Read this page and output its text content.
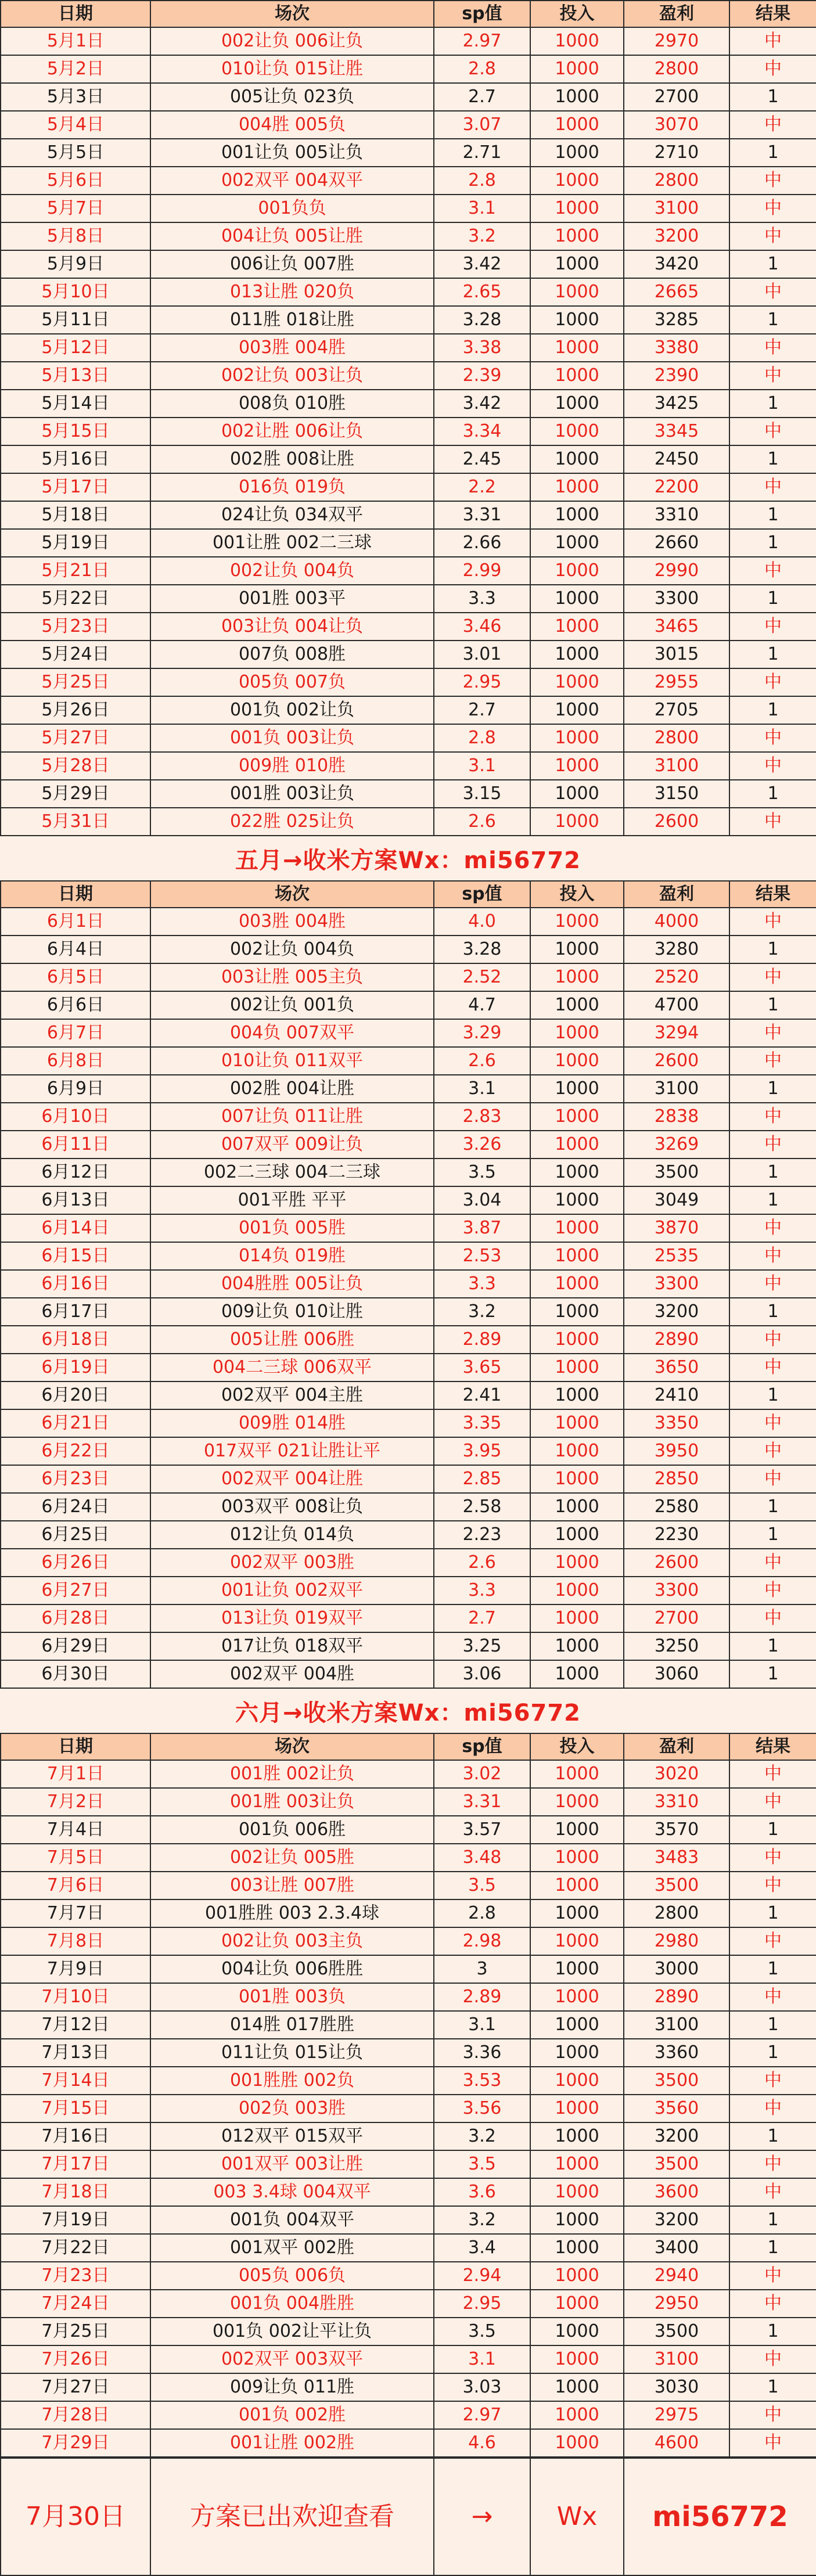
日期	场次	sp值	投入	盈利	结果
5月1日	002让负 006让负	2.97	1000	2970	中
5月2日	010让负 015让胜	2.8	1000	2800	中
5月3日	005让负 023负	2.7	1000	2700	1
5月4日	004胜 005负	3.07	1000	3070	中
5月5日	001让负 005让负	2.71	1000	2710	1
5月6日	002双平 004双平	2.8	1000	2800	中
5月7日	001负负	3.1	1000	3100	中
5月8日	004让负 005让胜	3.2	1000	3200	中
5月9日	006让负 007胜	3.42	1000	3420	1
5月10日	013让胜 020负	2.65	1000	2665	中
5月11日	011胜 018让胜	3.28	1000	3285	1
5月12日	003胜 004胜	3.38	1000	3380	中
5月13日	002让负 003让负	2.39	1000	2390	中
5月14日	008负 010胜	3.42	1000	3425	1
5月15日	002让胜 006让负	3.34	1000	3345	中
5月16日	002胜 008让胜	2.45	1000	2450	1
5月17日	016负 019负	2.2	1000	2200	中
5月18日	024让负 034双平	3.31	1000	3310	1
5月19日	001让胜 002二三球	2.66	1000	2660	1
5月21日	002让负 004负	2.99	1000	2990	中
5月22日	001胜 003平	3.3	1000	3300	1
5月23日	003让负 004让负	3.46	1000	3465	中
5月24日	007负 008胜	3.01	1000	3015	1
5月25日	005负 007负	2.95	1000	2955	中
5月26日	001负 002让负	2.7	1000	2705	1
5月27日	001负 003让负	2.8	1000	2800	中
5月28日	009胜 010胜	3.1	1000	3100	中
5月29日	001胜 003让负	3.15	1000	3150	1
5月31日	022胜 025让负	2.6	1000	2600	中
五月→收米方案Wx：mi56772
日期	场次	sp值	投入	盈利	结果
6月1日	003胜 004胜	4.0	1000	4000	中
6月4日	002让负 004负	3.28	1000	3280	1
6月5日	003让胜 005主负	2.52	1000	2520	中
6月6日	002让负 001负	4.7	1000	4700	1
6月7日	004负 007双平	3.29	1000	3294	中
6月8日	010让负 011双平	2.6	1000	2600	中
6月9日	002胜 004让胜	3.1	1000	3100	1
6月10日	007让负 011让胜	2.83	1000	2838	中
6月11日	007双平 009让负	3.26	1000	3269	中
6月12日	002二三球 004二三球	3.5	1000	3500	1
6月13日	001平胜 平平	3.04	1000	3049	1
6月14日	001负 005胜	3.87	1000	3870	中
6月15日	014负 019胜	2.53	1000	2535	中
6月16日	004胜胜 005让负	3.3	1000	3300	中
6月17日	009让负 010让胜	3.2	1000	3200	1
6月18日	005让胜 006胜	2.89	1000	2890	中
6月19日	004二三球 006双平	3.65	1000	3650	中
6月20日	002双平 004主胜	2.41	1000	2410	1
6月21日	009胜 014胜	3.35	1000	3350	中
6月22日	017双平 021让胜让平	3.95	1000	3950	中
6月23日	002双平 004让胜	2.85	1000	2850	中
6月24日	003双平 008让负	2.58	1000	2580	1
6月25日	012让负 014负	2.23	1000	2230	1
6月26日	002双平 003胜	2.6	1000	2600	中
6月27日	001让负 002双平	3.3	1000	3300	中
6月28日	013让负 019双平	2.7	1000	2700	中
6月29日	017让负 018双平	3.25	1000	3250	1
6月30日	002双平 004胜	3.06	1000	3060	1
六月→收米方案Wx：mi56772
日期	场次	sp值	投入	盈利	结果
7月1日	001胜 002让负	3.02	1000	3020	中
7月2日	001胜 003让负	3.31	1000	3310	中
7月4日	001负 006胜	3.57	1000	3570	1
7月5日	002让负 005胜	3.48	1000	3483	中
7月6日	003让胜 007胜	3.5	1000	3500	中
7月7日	001胜胜 003 2.3.4球	2.8	1000	2800	1
7月8日	002让负 003主负	2.98	1000	2980	中
7月9日	004让负 006胜胜	3	1000	3000	1
7月10日	001胜 003负	2.89	1000	2890	中
7月12日	014胜 017胜胜	3.1	1000	3100	1
7月13日	011让负 015让负	3.36	1000	3360	1
7月14日	001胜胜 002负	3.53	1000	3500	中
7月15日	002负 003胜	3.56	1000	3560	中
7月16日	012双平 015双平	3.2	1000	3200	1
7月17日	001双平 003让胜	3.5	1000	3500	中
7月18日	003 3.4球 004双平	3.6	1000	3600	中
7月19日	001负 004双平	3.2	1000	3200	1
7月22日	001双平 002胜	3.4	1000	3400	1
7月23日	005负 006负	2.94	1000	2940	中
7月24日	001负 004胜胜	2.95	1000	2950	中
7月25日	001负 002让平让负	3.5	1000	3500	1
7月26日	002双平 003双平	3.1	1000	3100	中
7月27日	009让负 011胜	3.03	1000	3030	1
7月28日	001负 002胜	2.97	1000	2975	中
7月29日	001让胜 002胜	4.6	1000	4600	中
7月30日	方案已出欢迎查看	→	Wx	mi56772
